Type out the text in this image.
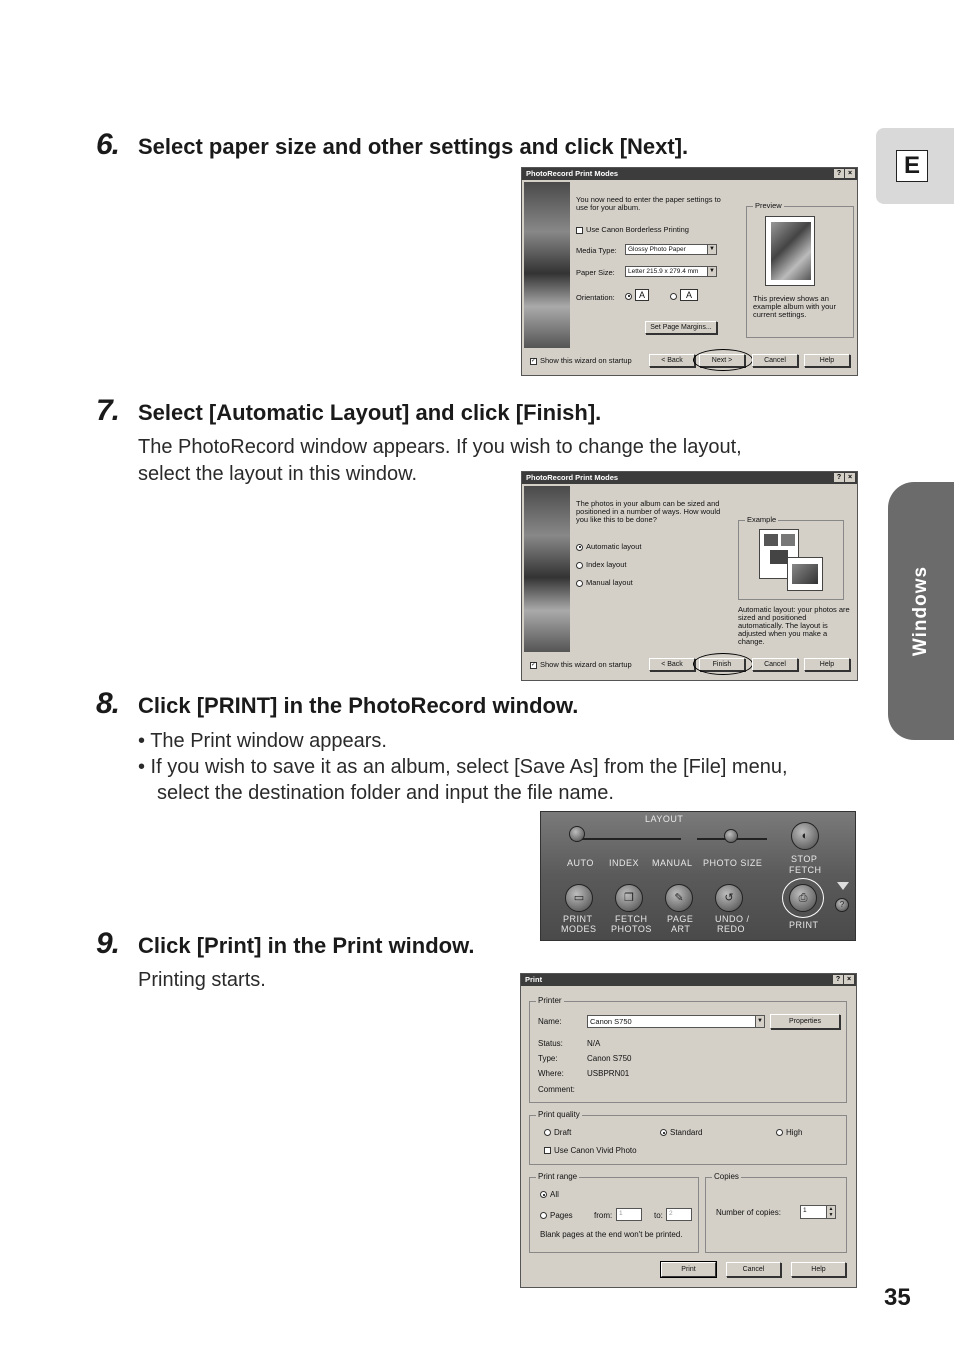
E
Windows
6. Select paper size and other settings and click [Next].
PhotoRecord Print Modes	? ×
You now need to enter the paper settings to use for your album.
Use Canon Borderless Printing
Media Type:	Glossy Photo Paper	▼
Paper Size:	Letter 215.9 x 279.4 mm	▼
Orientation:	A	A
Set Page Margins...
Preview
This preview shows an example album with your current settings.
✓ Show this wizard on startup	< Back	Next >	Cancel	Help
7. Select [Automatic Layout] and click [Finish].
The PhotoRecord window appears. If you wish to change the layout,
select the layout in this window.	PhotoRecord Print Modes	? ×
The photos in your album can be sized and positioned in a number of ways. How would you like this to be done?
Automatic layout
Index layout
Manual layout
Example
Automatic layout: your photos are sized and positioned automatically. The layout is adjusted when you make a change.
✓ Show this wizard on startup	< Back	Finish	Cancel	Help
8. Click [PRINT] in the PhotoRecord window.
• The Print window appears.
• If you wish to save it as an album, select [Save As] from the [File] menu,
select the destination folder and input the file name.
LAYOUT
AUTO INDEX MANUAL PHOTO SIZE
◐
STOP
FETCH
▭
PRINT
MODES
❐
FETCH
PHOTOS
✎
PAGE
ART
↺
UNDO /
REDO
⎙
PRINT
?
9. Click [Print] in the Print window.
Printing starts.	Print	? ×
Printer
Name:	Canon S750	▼	Properties
Status:	N/A
Type:	Canon S750
Where:	USBPRN01
Comment:
Print quality
Draft	Standard	High
Use Canon Vivid Photo
Print range
All
Pages	from:	1	to: 2
Blank pages at the end won't be printed.
Copies
Number of copies:	1	▲
▼
Print	Cancel	Help
35
